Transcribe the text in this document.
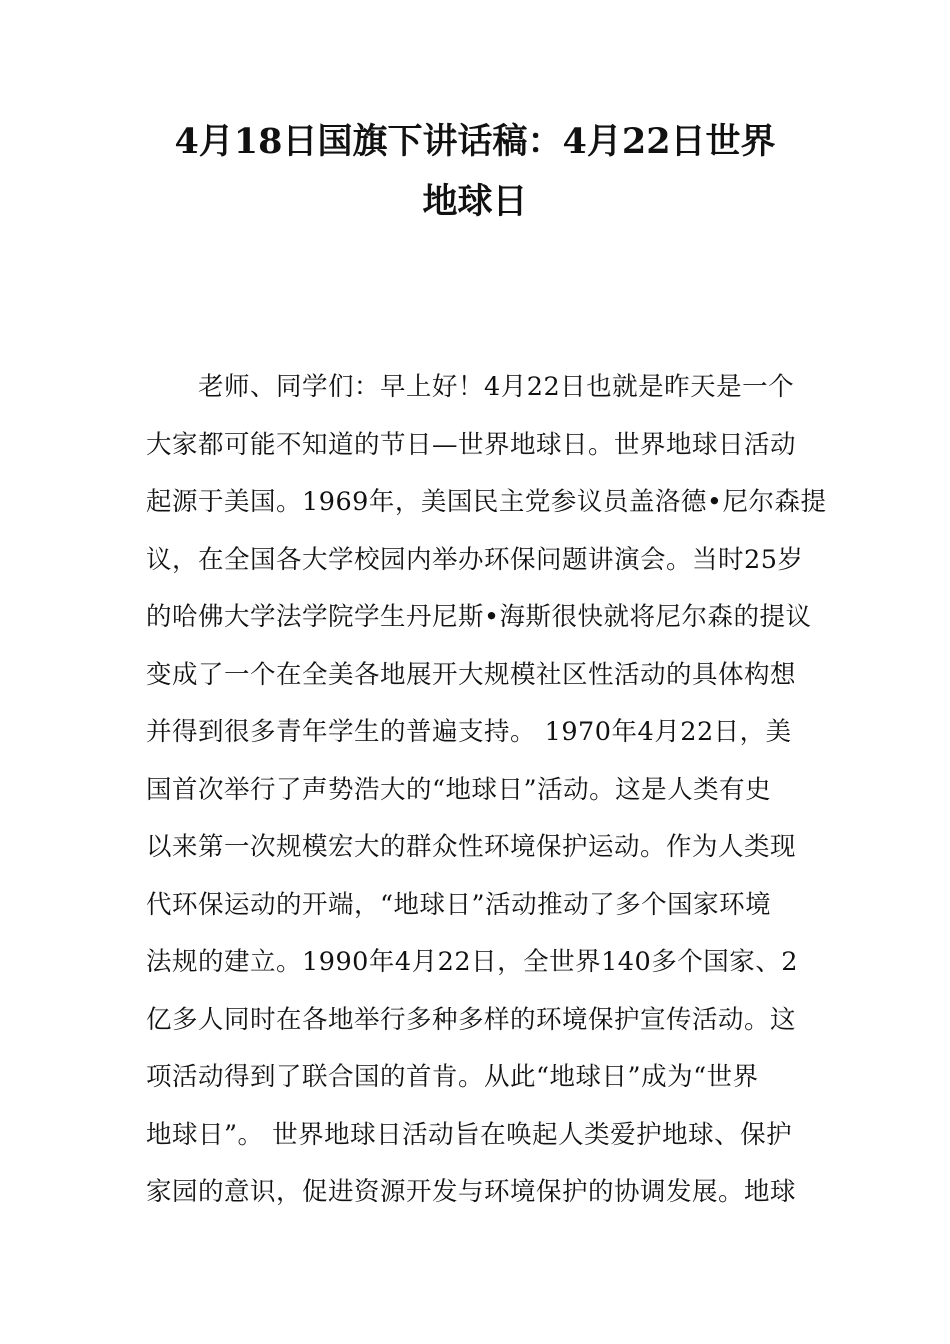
4月18日国旗下讲话稿：4月22日世界
地球日
老师、同学们：早上好！4月22日也就是昨天是一个
大家都可能不知道的节日—世界地球日。世界地球日活动
起源于美国。1969年，美国民主党参议员盖洛德•尼尔森提
议，在全国各大学校园内举办环保问题讲演会。当时25岁
的哈佛大学法学院学生丹尼斯•海斯很快就将尼尔森的提议
变成了一个在全美各地展开大规模社区性活动的具体构想
并得到很多青年学生的普遍支持。 1970年4月22日，美
国首次举行了声势浩大的“地球日”活动。这是人类有史
以来第一次规模宏大的群众性环境保护运动。作为人类现
代环保运动的开端，“地球日”活动推动了多个国家环境
法规的建立。1990年4月22日，全世界140多个国家、2
亿多人同时在各地举行多种多样的环境保护宣传活动。这
项活动得到了联合国的首肯。从此“地球日”成为“世界
地球日”。 世界地球日活动旨在唤起人类爱护地球、保护
家园的意识，促进资源开发与环境保护的协调发展。地球
